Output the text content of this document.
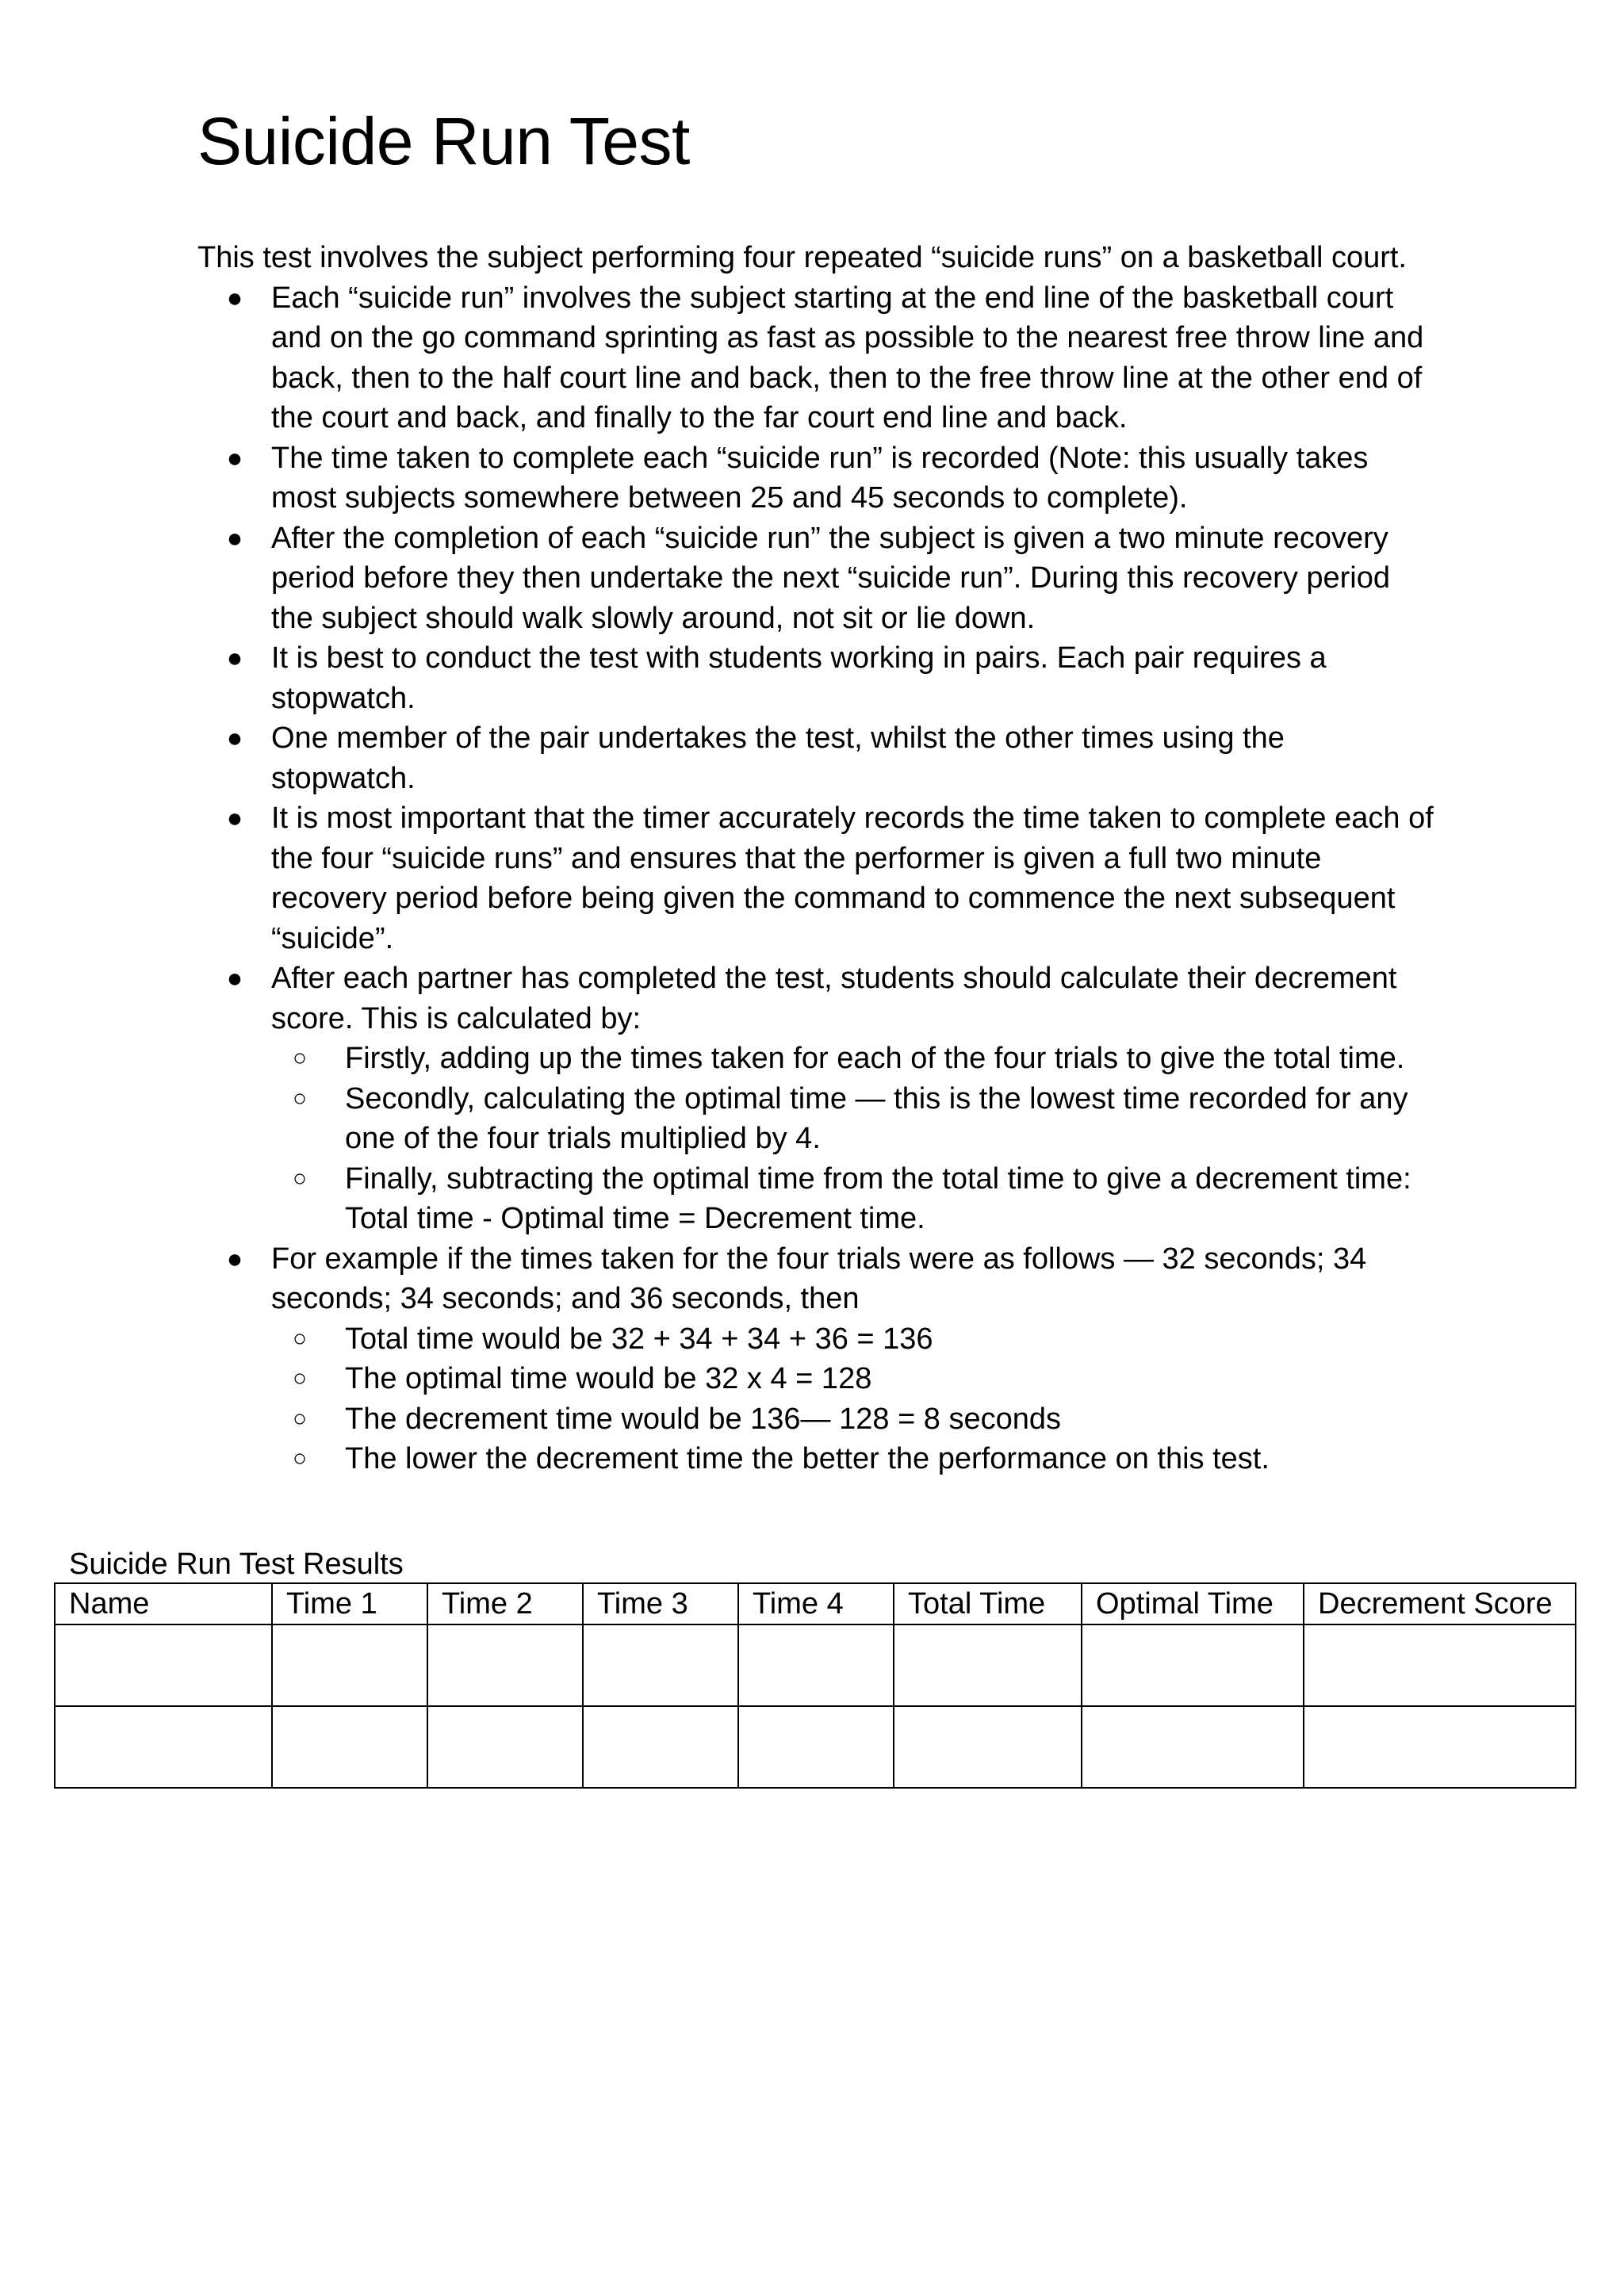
Suicide Run Test

This test involves the subject performing four repeated “suicide runs” on a basketball court.

● Each “suicide run” involves the subject starting at the end line of the basketball court and on the go command sprinting as fast as possible to the nearest free throw line and back, then to the half court line and back, then to the free throw line at the other end of the court and back, and finally to the far court end line and back.
● The time taken to complete each “suicide run” is recorded (Note: this usually takes most subjects somewhere between 25 and 45 seconds to complete).
● After the completion of each “suicide run” the subject is given a two minute recovery period before they then undertake the next “suicide run”. During this recovery period the subject should walk slowly around, not sit or lie down.
● It is best to conduct the test with students working in pairs. Each pair requires a stopwatch.
● One member of the pair undertakes the test, whilst the other times using the stopwatch.
● It is most important that the timer accurately records the time taken to complete each of the four “suicide runs” and ensures that the performer is given a full two minute recovery period before being given the command to commence the next subsequent “suicide”.
● After each partner has completed the test, students should calculate their decrement score. This is calculated by:
○ Firstly, adding up the times taken for each of the four trials to give the total time.
○ Secondly, calculating the optimal time — this is the lowest time recorded for any one of the four trials multiplied by 4.
○ Finally, subtracting the optimal time from the total time to give a decrement time:
Total time - Optimal time = Decrement time.
● For example if the times taken for the four trials were as follows — 32 seconds; 34 seconds; 34 seconds; and 36 seconds, then
○ Total time would be 32 + 34 + 34 + 36 = 136
○ The optimal time would be 32 x 4 = 128
○ The decrement time would be 136— 128 = 8 seconds
○ The lower the decrement time the better the performance on this test.
Suicide Run Test Results
Name	Time 1	Time 2	Time 3	Time 4	Total Time	Optimal Time	Decrement Score
